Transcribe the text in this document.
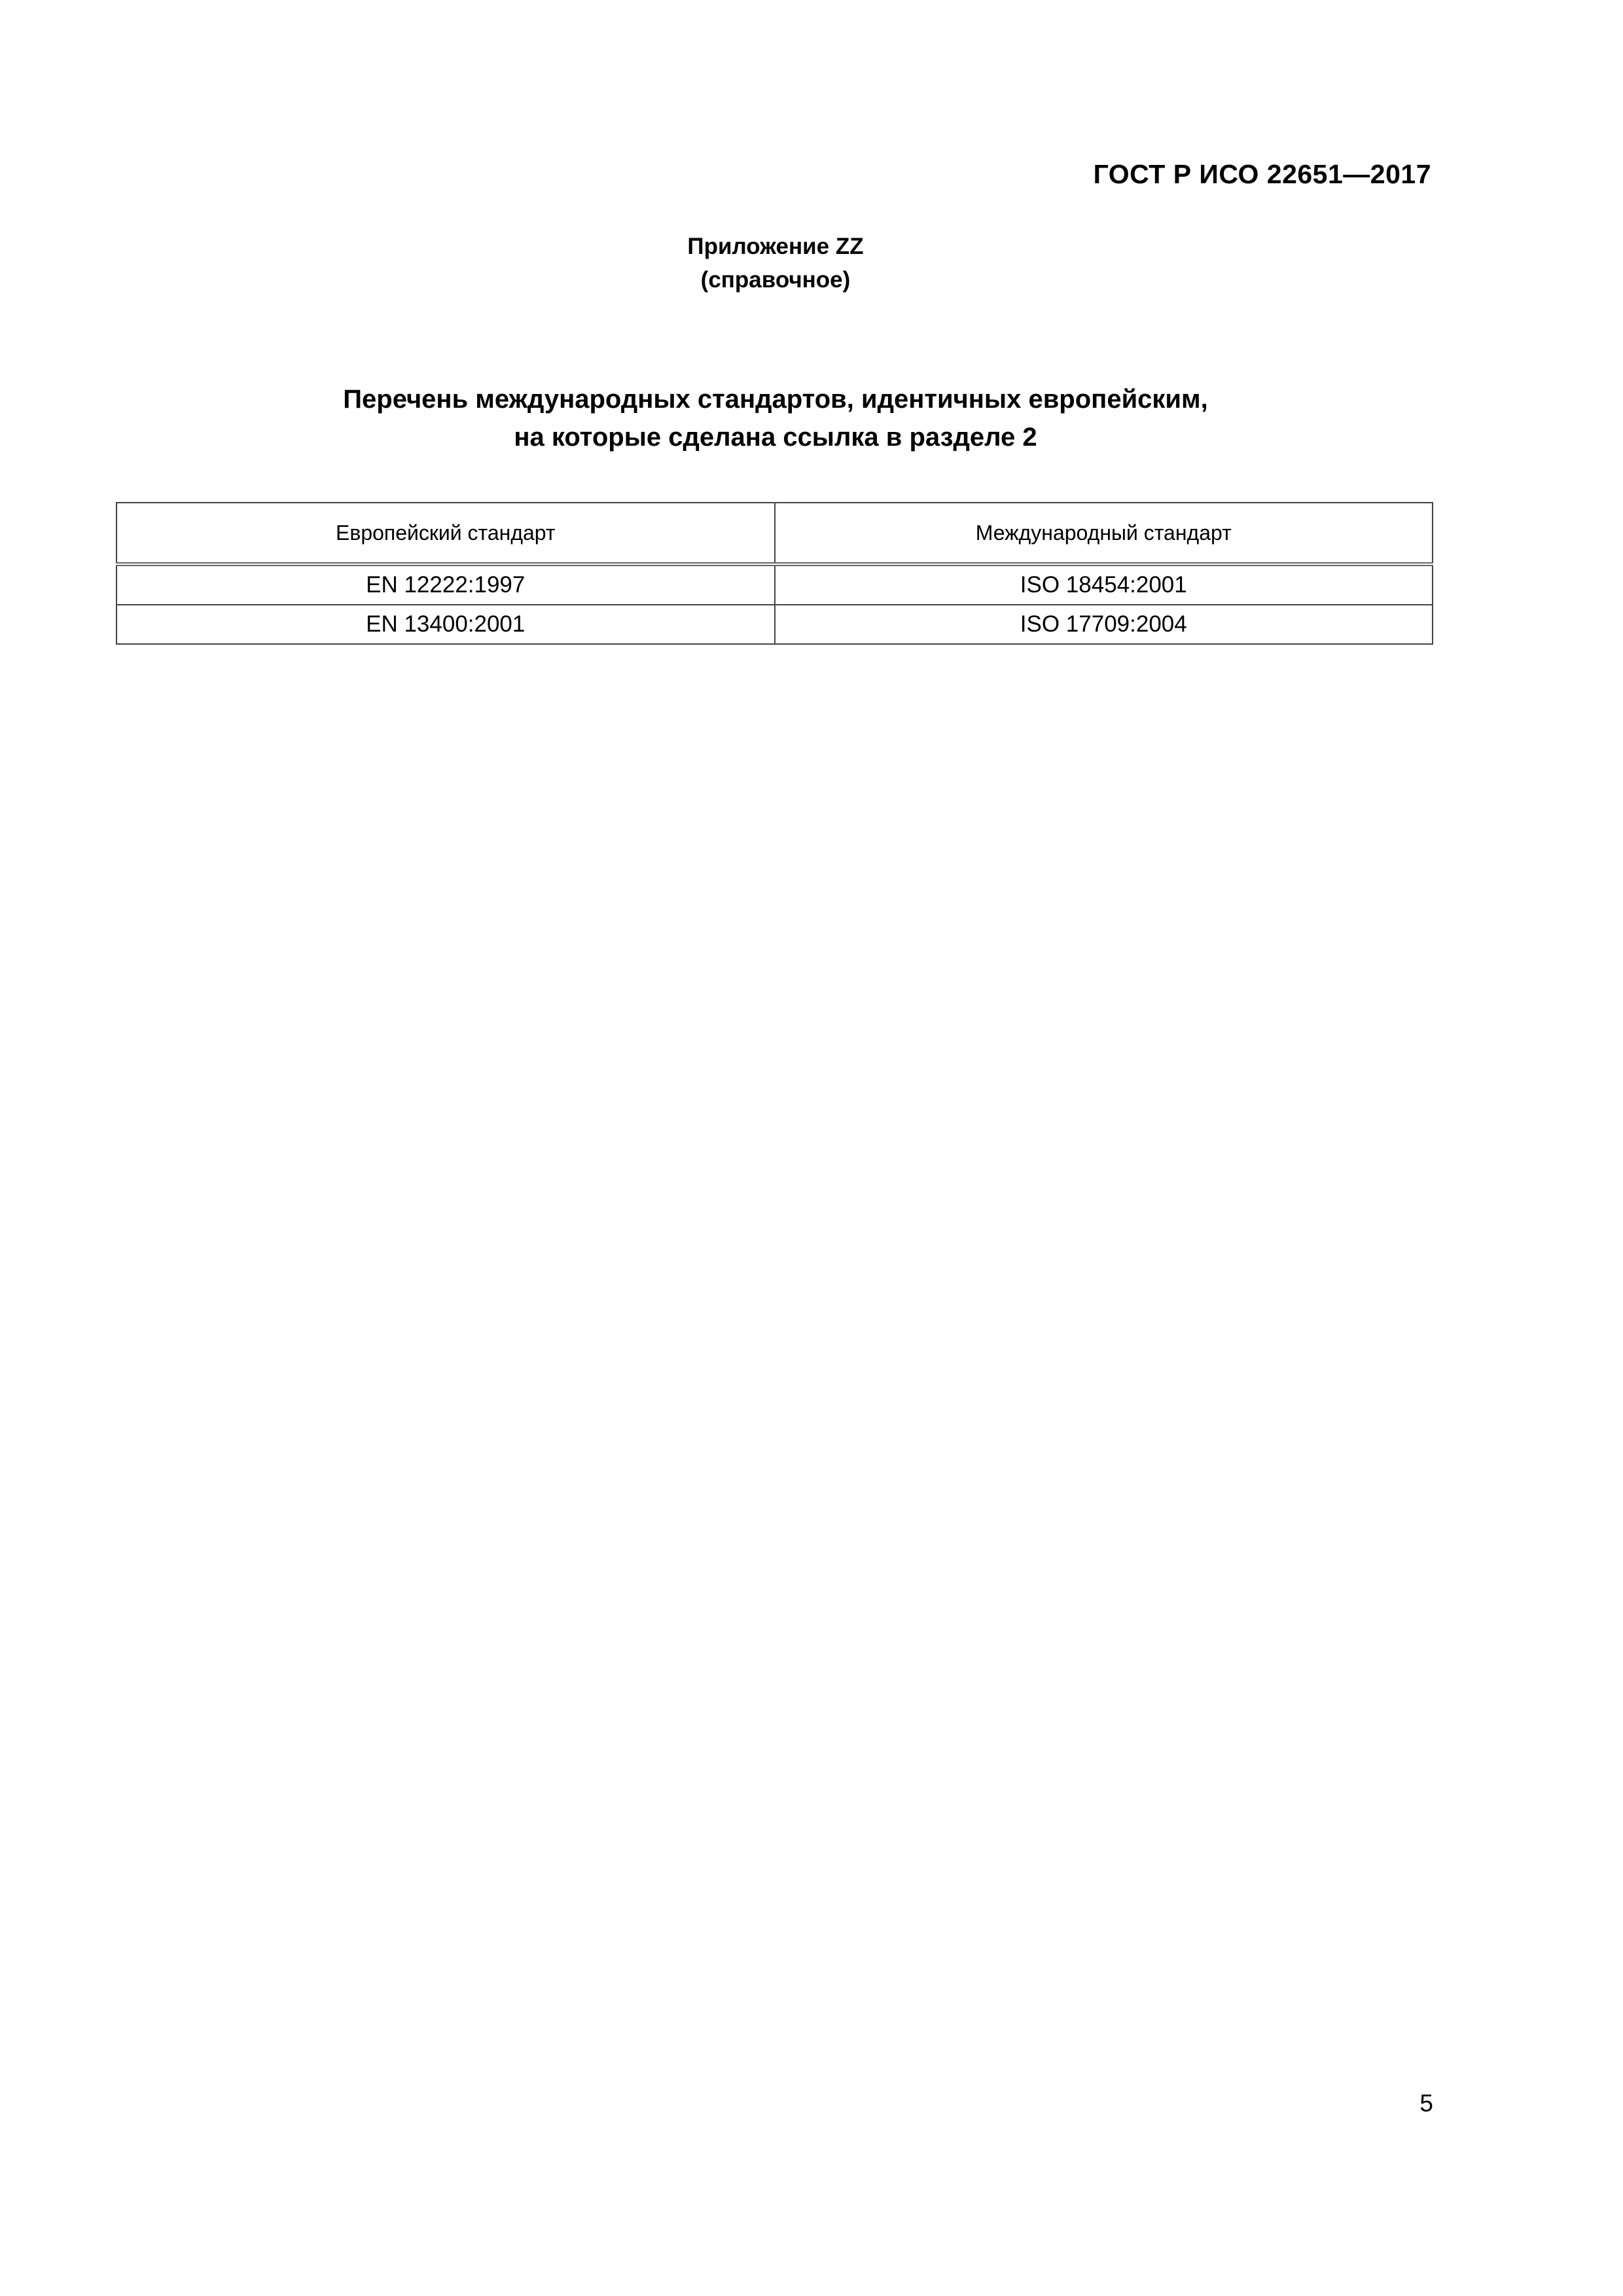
ГОСТ Р ИСО 22651—2017
Приложение ZZ
(справочное)
Перечень международных стандартов, идентичных европейским,
на которые сделана ссылка в разделе 2
Европейский стандарт	Международный стандарт
EN 12222:1997	ISO 18454:2001
EN 13400:2001	ISO 17709:2004
5
